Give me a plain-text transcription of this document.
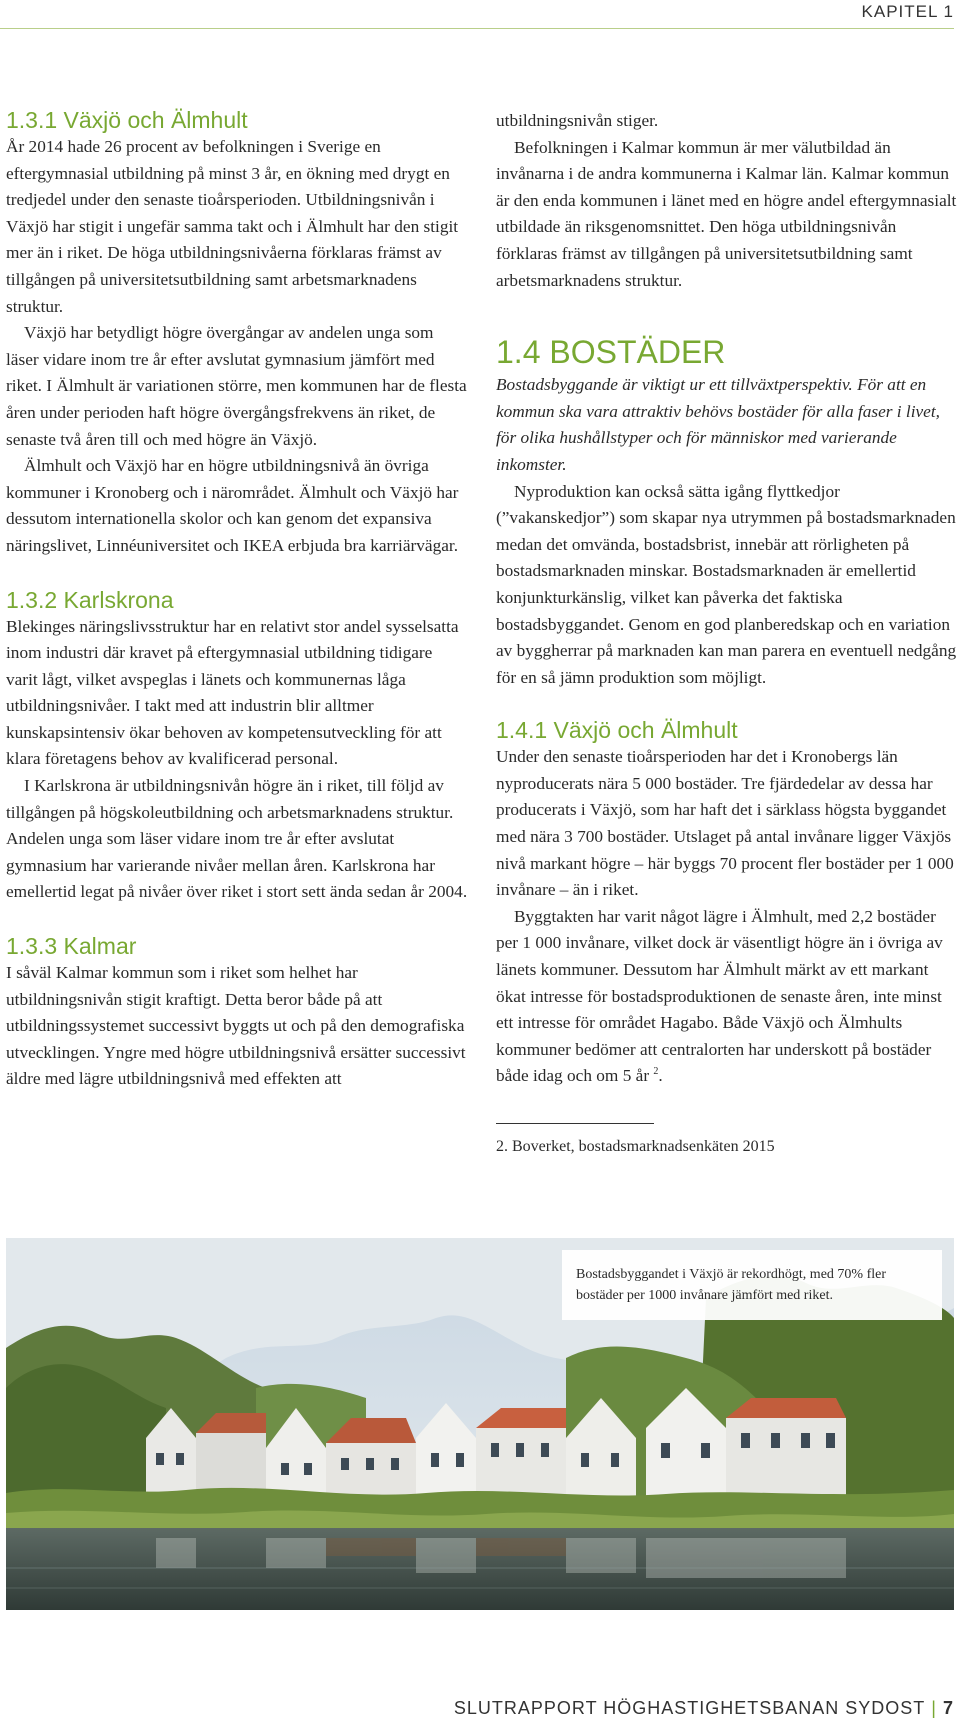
KAPITEL 1
1.3.1 Växjö och Älmhult

År 2014 hade 26 procent av befolkningen i Sverige en eftergymnasial utbildning på minst 3 år, en ökning med drygt en tredjedel under den senaste tioårsperioden. Utbildningsnivån i Växjö har stigit i ungefär samma takt och i Älmhult har den stigit mer än i riket. De höga utbildningsnivåerna förklaras främst av tillgången på universitetsutbildning samt arbetsmarknadens struktur.

Växjö har betydligt högre övergångar av andelen unga som läser vidare inom tre år efter avslutat gymnasium jämfört med riket. I Älmhult är variationen större, men kommunen har de flesta åren under perioden haft högre övergångsfrekvens än riket, de senaste två åren till och med högre än Växjö.

Älmhult och Växjö har en högre utbildningsnivå än övriga kommuner i Kronoberg och i närområdet. Älmhult och Växjö har dessutom internationella skolor och kan genom det expansiva näringslivet, Linnéuniversitet och IKEA erbjuda bra karriärvägar.

1.3.2 Karlskrona

Blekinges näringslivsstruktur har en relativt stor andel sysselsatta inom industri där kravet på eftergymnasial utbildning tidigare varit lågt, vilket avspeglas i länets och kommunernas låga utbildningsnivåer. I takt med att industrin blir alltmer kunskapsintensiv ökar behoven av kompetensutveckling för att klara företagens behov av kvalificerad personal.

I Karlskrona är utbildningsnivån högre än i riket, till följd av tillgången på högskoleutbildning och arbetsmarknadens struktur. Andelen unga som läser vidare inom tre år efter avslutat gymnasium har varierande nivåer mellan åren. Karlskrona har emellertid legat på nivåer över riket i stort sett ända sedan år 2004.

1.3.3 Kalmar

I såväl Kalmar kommun som i riket som helhet har utbildningsnivån stigit kraftigt. Detta beror både på att utbildningssystemet successivt byggts ut och på den demografiska utvecklingen. Yngre med högre utbildningsnivå ersätter successivt äldre med lägre utbildningsnivå med effekten att

utbildningsnivån stiger.

Befolkningen i Kalmar kommun är mer välutbildad än invånarna i de andra kommunerna i Kalmar län. Kalmar kommun är den enda kommunen i länet med en högre andel eftergymnasialt utbildade än riksgenomsnittet. Den höga utbildningsnivån förklaras främst av tillgången på universitetsutbildning samt arbetsmarknadens struktur.

1.4 BOSTÄDER

Bostadsbyggande är viktigt ur ett tillväxtperspektiv. För att en kommun ska vara attraktiv behövs bostäder för alla faser i livet, för olika hushållstyper och för människor med varierande inkomster.

Nyproduktion kan också sätta igång flyttkedjor (”vakanskedjor”) som skapar nya utrymmen på bostadsmarknaden medan det omvända, bostadsbrist, innebär att rörligheten på bostadsmarknaden minskar. Bostadsmarknaden är emellertid konjunkturkänslig, vilket kan påverka det faktiska bostadsbyggandet. Genom en god planberedskap och en variation av byggherrar på marknaden kan man parera en eventuell nedgång för en så jämn produktion som möjligt.

1.4.1 Växjö och Älmhult

Under den senaste tioårsperioden har det i Kronobergs län nyproducerats nära 5 000 bostäder. Tre fjärdedelar av dessa har producerats i Växjö, som har haft det i särklass högsta byggandet med nära 3 700 bostäder. Utslaget på antal invånare ligger Växjös nivå markant högre – här byggs 70 procent fler bostäder per 1 000 invånare – än i riket.

Byggtakten har varit något lägre i Älmhult, med 2,2 bostäder per 1 000 invånare, vilket dock är väsentligt högre än i övriga av länets kommuner. Dessutom har Älmhult märkt av ett markant ökat intresse för bostadsproduktionen de senaste åren, inte minst ett intresse för området Hagabo. Både Växjö och Älmhults kommuner bedömer att centralorten har underskott på bostäder både idag och om 5 år $^2$.

2. Boverket, bostadsmarknadsenkäten 2015

Bostadsbyggandet i Växjö är rekordhögt, med 70% fler bostäder per 1000 invånare jämfört med riket.
SLUTRAPPORT HÖGHASTIGHETSBANAN SYDOST | 7
